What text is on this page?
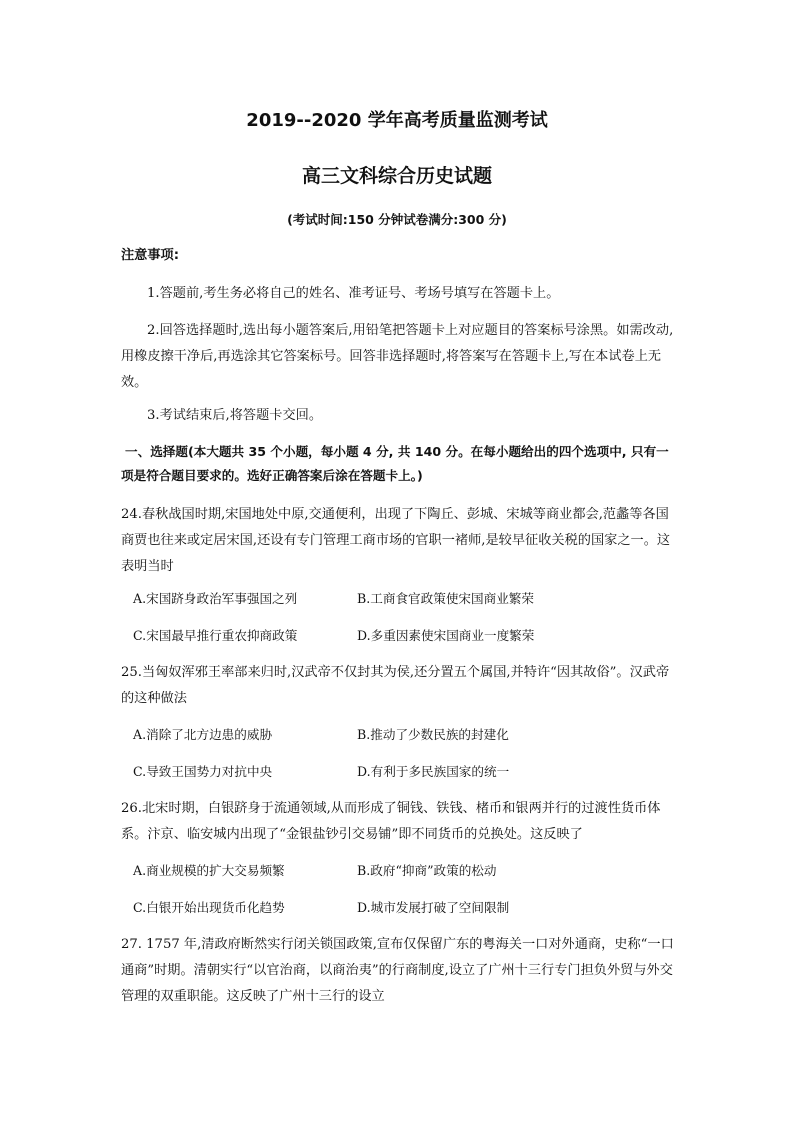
2019--2020 学年高考质量监测考试
高三文科综合历史试题
(考试时间:150 分钟试卷满分:300 分)
注意事项:
1.答题前,考生务必将自己的姓名、准考证号、考场号填写在答题卡上。
2.回答选择题时,选出每小题答案后,用铅笔把答题卡上对应题目的答案标号涂黑。如需改动,用橡皮擦干净后,再选涂其它答案标号。回答非选择题时,将答案写在答题卡上,写在本试卷上无效。
3.考试结束后,将答题卡交回。
一、选择题(本大题共 35 个小题，每小题 4 分, 共 140 分。在每小题给出的四个选项中, 只有一项是符合题目要求的。选好正确答案后涂在答题卡上。)
24.春秋战国时期,宋国地处中原,交通便利，出现了下陶丘、彭城、宋城等商业都会,范蠡等各国商贾也往来或定居宋国,还设有专门管理工商市场的官职一褚师,是较早征收关税的国家之一。这表明当时
A.宋国跻身政治军事强国之列	B.工商食官政策使宋国商业繁荣
C.宋国最早推行重农抑商政策	D.多重因素使宋国商业一度繁荣
25.当匈奴浑邪王率部来归时,汉武帝不仅封其为侯,还分置五个属国,并特许“因其故俗”。汉武帝的这种做法
A.消除了北方边患的威胁	B.推动了少数民族的封建化
C.导致王国势力对抗中央	D.有利于多民族国家的统一
26.北宋时期，白银跻身于流通领域,从而形成了铜钱、铁钱、楮币和银两并行的过渡性货币体系。汴京、临安城内出现了“金银盐钞引交易铺”即不同货币的兑换处。这反映了
A.商业规模的扩大交易频繁	B.政府“抑商”政策的松动
C.白银开始出现货币化趋势	D.城市发展打破了空间限制
27. 1757 年,清政府断然实行闭关锁国政策,宣布仅保留广东的粤海关一口对外通商，史称“一口通商”时期。清朝实行“以官治商，以商治夷”的行商制度,设立了广州十三行专门担负外贸与外交管理的双重职能。这反映了广州十三行的设立
